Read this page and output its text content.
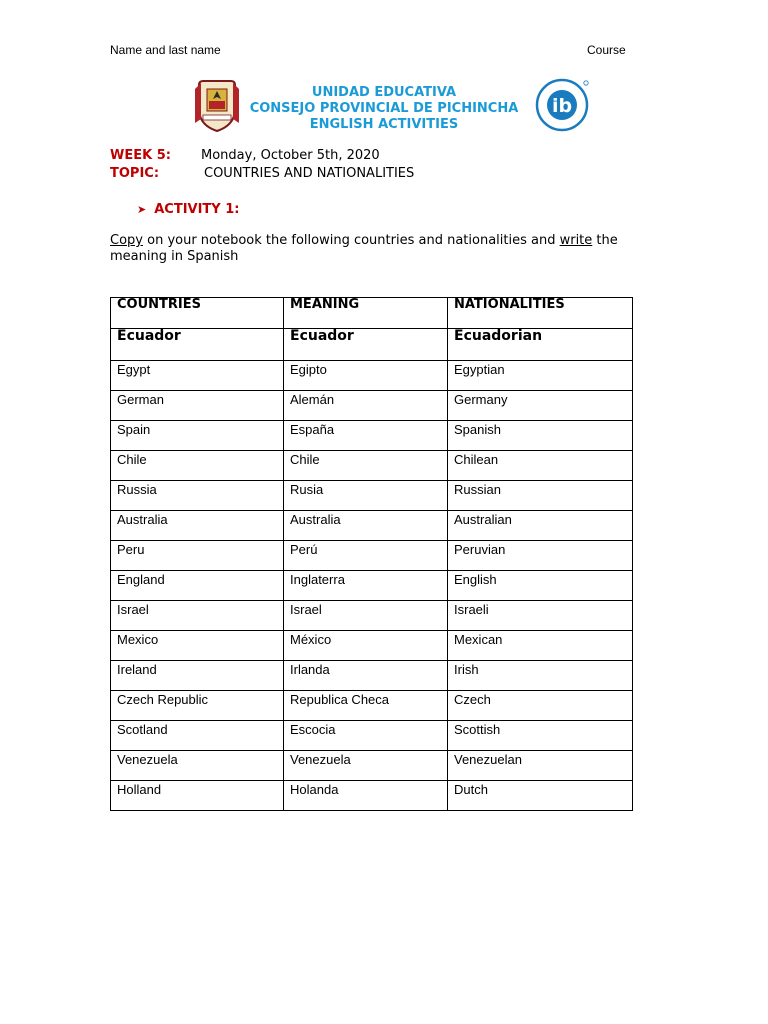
Name and last name	Course
ib
UNIDAD EDUCATIVA
CONSEJO PROVINCIAL DE PICHINCHA
ENGLISH ACTIVITIES
WEEK 5: Monday, October 5th, 2020
TOPIC:	COUNTRIES AND NATIONALITIES
➤ ACTIVITY 1:
Copy on your notebook the following countries and nationalities and write the meaning in Spanish
COUNTRIES	MEANING	NATIONALITIES
Ecuador	Ecuador	Ecuadorian
Egypt	Egipto	Egyptian
German	Alemán	Germany
Spain	España	Spanish
Chile	Chile	Chilean
Russia	Rusia	Russian
Australia	Australia	Australian
Peru	Perú	Peruvian
England	Inglaterra	English
Israel	Israel	Israeli
Mexico	México	Mexican
Ireland	Irlanda	Irish
Czech Republic	Republica Checa	Czech
Scotland	Escocia	Scottish
Venezuela	Venezuela	Venezuelan
Holland	Holanda	Dutch
